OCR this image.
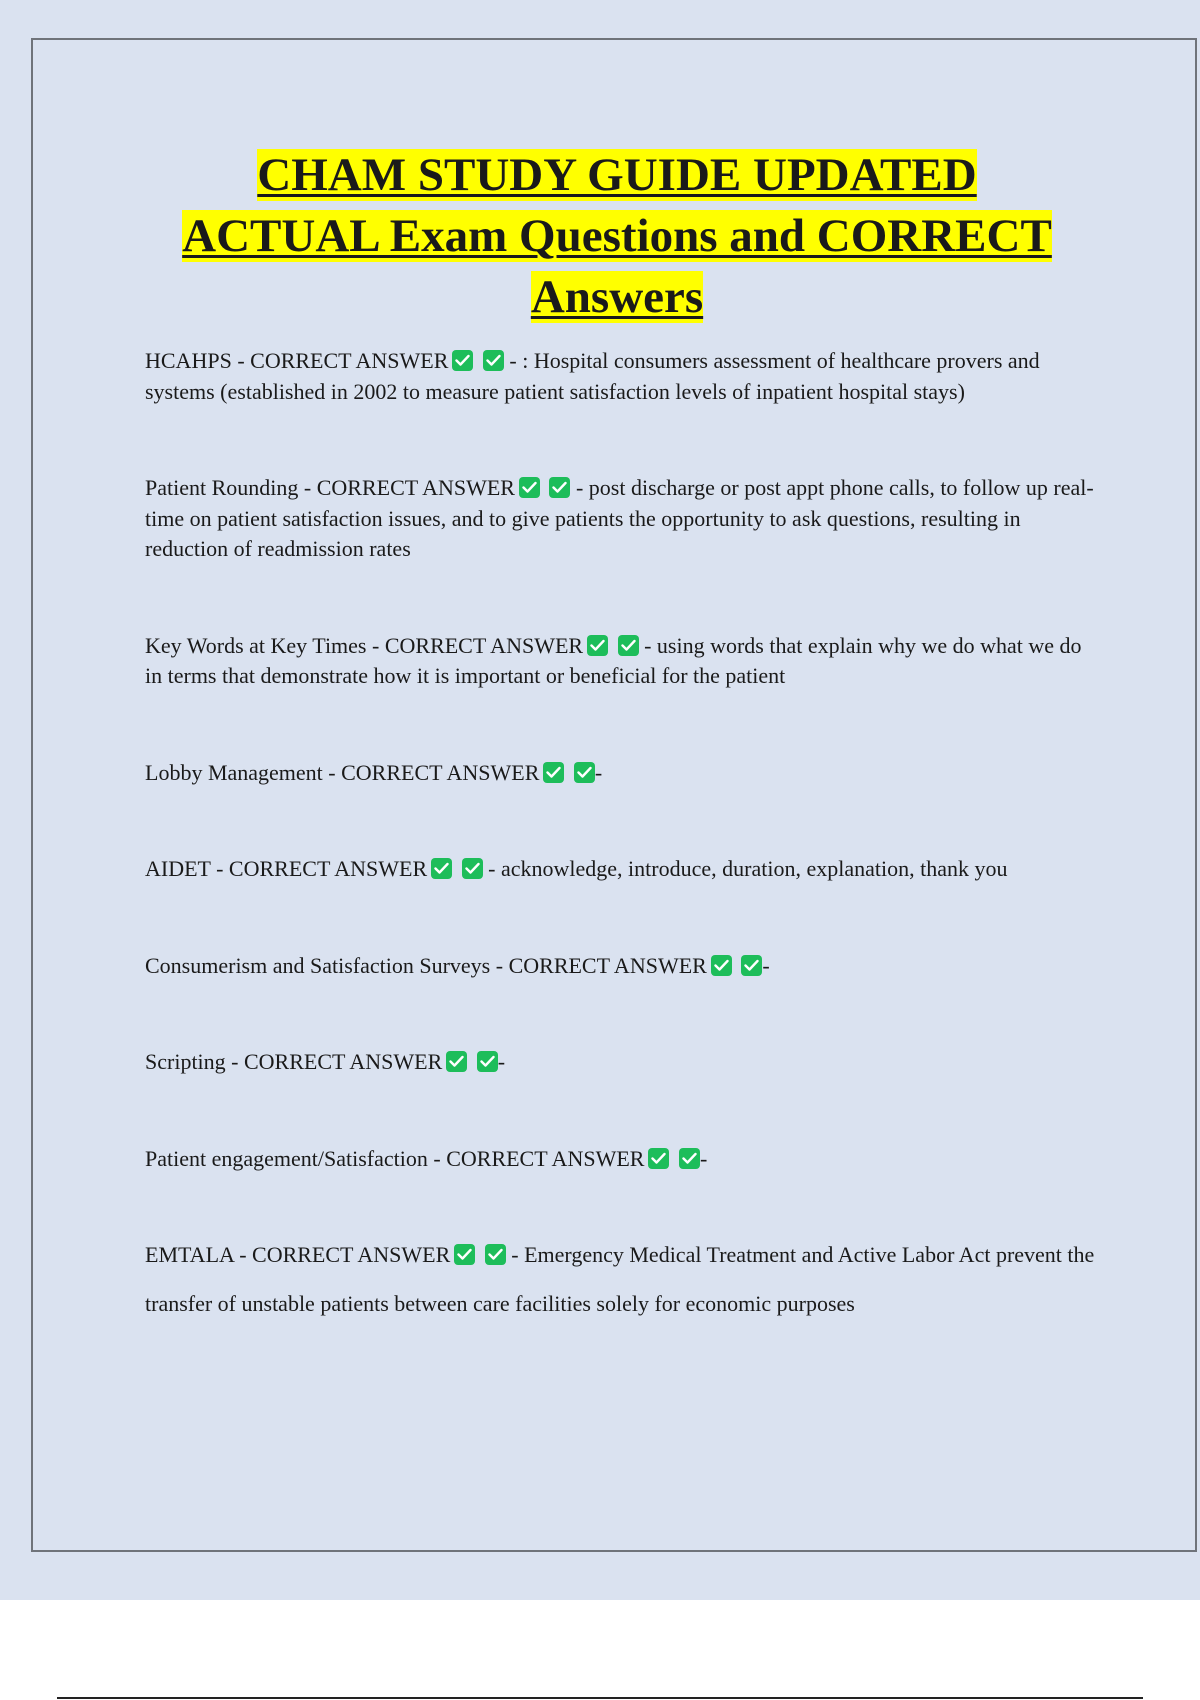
CHAM STUDY GUIDE UPDATED
ACTUAL Exam Questions and CORRECT
Answers

HCAHPS - CORRECT ANSWER
	- : Hospital consumers assessment of healthcare provers and systems (established in 2002 to measure patient satisfaction levels of inpatient hospital stays)

Patient Rounding - CORRECT ANSWER
	- post discharge or post appt phone calls, to follow up real-time on patient satisfaction issues, and to give patients the opportunity to ask questions, resulting in reduction of readmission rates

Key Words at Key Times - CORRECT ANSWER
	- using words that explain why we do what we do in terms that demonstrate how it is important or beneficial for the patient

Lobby Management - CORRECT ANSWER
	-

AIDET - CORRECT ANSWER
	- acknowledge, introduce, duration, explanation, thank you

Consumerism and Satisfaction Surveys - CORRECT ANSWER
	-

Scripting - CORRECT ANSWER
	-

Patient engagement/Satisfaction - CORRECT ANSWER
	-

EMTALA - CORRECT ANSWER
	- Emergency Medical Treatment and Active Labor Act prevent the transfer of unstable patients between care facilities solely for economic purposes
